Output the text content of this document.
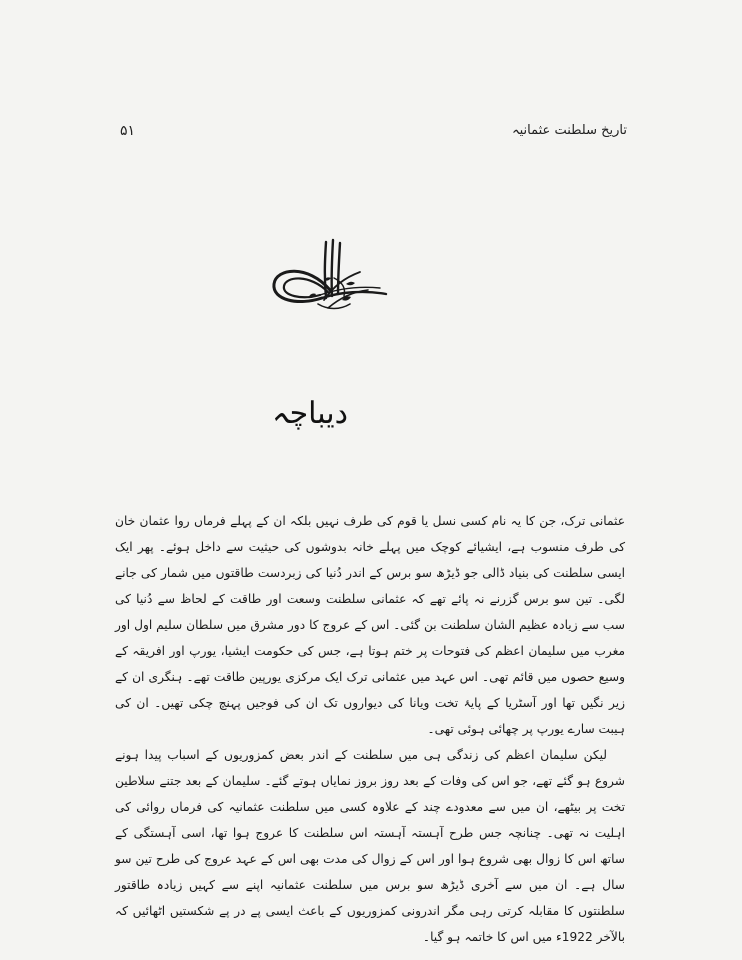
تاریخ سلطنت عثمانیہ
۵۱
دیباچہ

عثمانی ترک، جن کا یہ نام کسی نسل یا قوم کی طرف نہیں بلکہ ان کے پہلے فرماں روا عثمان خان کی طرف منسوب ہے، ایشیائے کوچک میں پہلے خانہ بدوشوں کی حیثیت سے داخل ہوئے۔ پھر ایک ایسی سلطنت کی بنیاد ڈالی جو ڈیڑھ سو برس کے اندر دُنیا کی زبردست طاقتوں میں شمار کی جانے لگی۔ تین سو برس گزرنے نہ پائے تھے کہ عثمانی سلطنت وسعت اور طاقت کے لحاظ سے دُنیا کی سب سے زیادہ عظیم الشان سلطنت بن گئی۔ اس کے عروج کا دور مشرق میں سلطان سلیم اول اور مغرب میں سلیمان اعظم کی فتوحات پر ختم ہوتا ہے، جس کی حکومت ایشیا، یورپ اور افریقہ کے وسیع حصوں میں قائم تھی۔ اس عہد میں عثمانی ترک ایک مرکزی یورپین طاقت تھے۔ ہنگری ان کے زیر نگیں تھا اور آسٹریا کے پایۂ تخت ویانا کی دیواروں تک ان کی فوجیں پہنچ چکی تھیں۔ ان کی ہیبت سارے یورپ پر چھائی ہوئی تھی۔

لیکن سلیمان اعظم کی زندگی ہی میں سلطنت کے اندر بعض کمزوریوں کے اسباب پیدا ہونے شروع ہو گئے تھے، جو اس کی وفات کے بعد روز بروز نمایاں ہوتے گئے۔ سلیمان کے بعد جتنے سلاطین تخت پر بیٹھے، ان میں سے معدودے چند کے علاوہ کسی میں سلطنت عثمانیہ کی فرماں روائی کی اہلیت نہ تھی۔ چنانچہ جس طرح آہستہ آہستہ اس سلطنت کا عروج ہوا تھا، اسی آہستگی کے ساتھ اس کا زوال بھی شروع ہوا اور اس کے زوال کی مدت بھی اس کے عہد عروج کی طرح تین سو سال ہے۔ ان میں سے آخری ڈیڑھ سو برس میں سلطنت عثمانیہ اپنے سے کہیں زیادہ طاقتور سلطنتوں کا مقابلہ کرتی رہی مگر اندرونی کمزوریوں کے باعث ایسی پے در پے شکستیں اٹھائیں کہ بالآخر 1922ء میں اس کا خاتمہ ہو گیا۔
